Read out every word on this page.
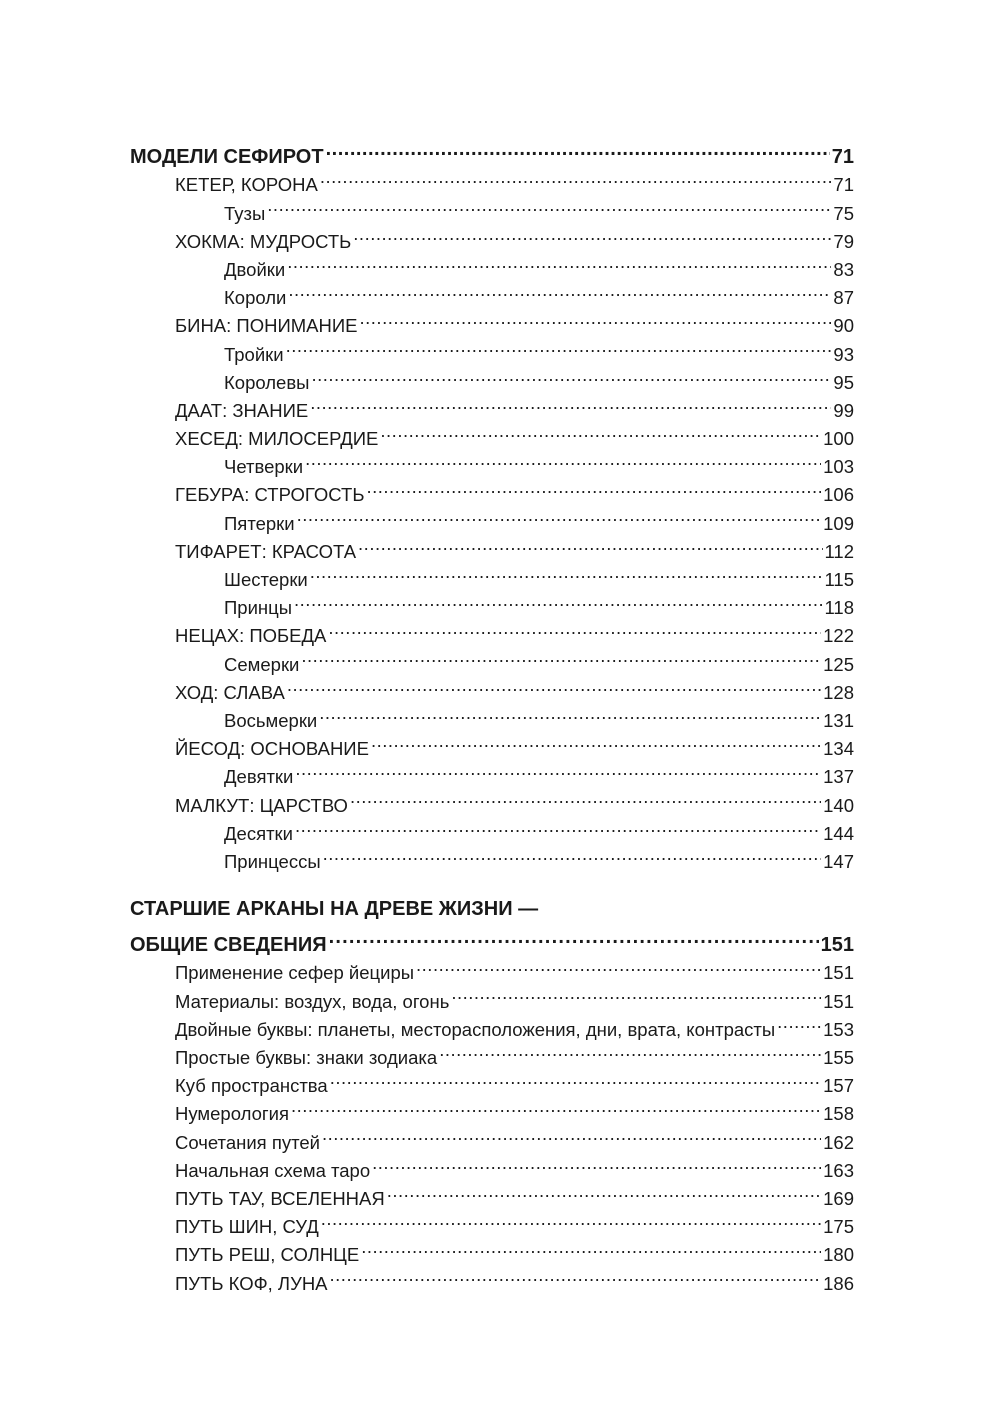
МОДЕЛИ СЕФИРОТ .....	71
КЕТЕР, КОРОНА .....	71
Тузы .....	75
ХОКМА: МУДРОСТЬ .....	79
Двойки .....	83
Короли .....	87
БИНА: ПОНИМАНИЕ .....	90
Тройки .....	93
Королевы .....	95
ДААТ: ЗНАНИЕ .....	99
ХЕСЕД: МИЛОСЕРДИЕ .....	100
Четверки .....	103
ГЕБУРА: СТРОГОСТЬ .....	106
Пятерки .....	109
ТИФАРЕТ: КРАСОТА .....	112
Шестерки .....	115
Принцы .....	118
НЕЦАХ: ПОБЕДА .....	122
Семерки .....	125
ХОД: СЛАВА .....	128
Восьмерки .....	131
ЙЕСОД: ОСНОВАНИЕ .....	134
Девятки .....	137
МАЛКУТ: ЦАРСТВО .....	140
Десятки .....	144
Принцессы .....	147
СТАРШИЕ АРКАНЫ НА ДРЕВЕ ЖИЗНИ —
ОБЩИЕ СВЕДЕНИЯ .....	151
Применение сефер йециры .....	151
Материалы: воздух, вода, огонь .....	151
Двойные буквы: планеты, месторасположения, дни, врата, контрасты .....	153
Простые буквы: знаки зодиака .....	155
Куб пространства .....	157
Нумерология .....	158
Сочетания путей .....	162
Начальная схема таро .....	163
ПУТЬ ТАУ, ВСЕЛЕННАЯ .....	169
ПУТЬ ШИН, СУД .....	175
ПУТЬ РЕШ, СОЛНЦЕ .....	180
ПУТЬ КОФ, ЛУНА .....	186
